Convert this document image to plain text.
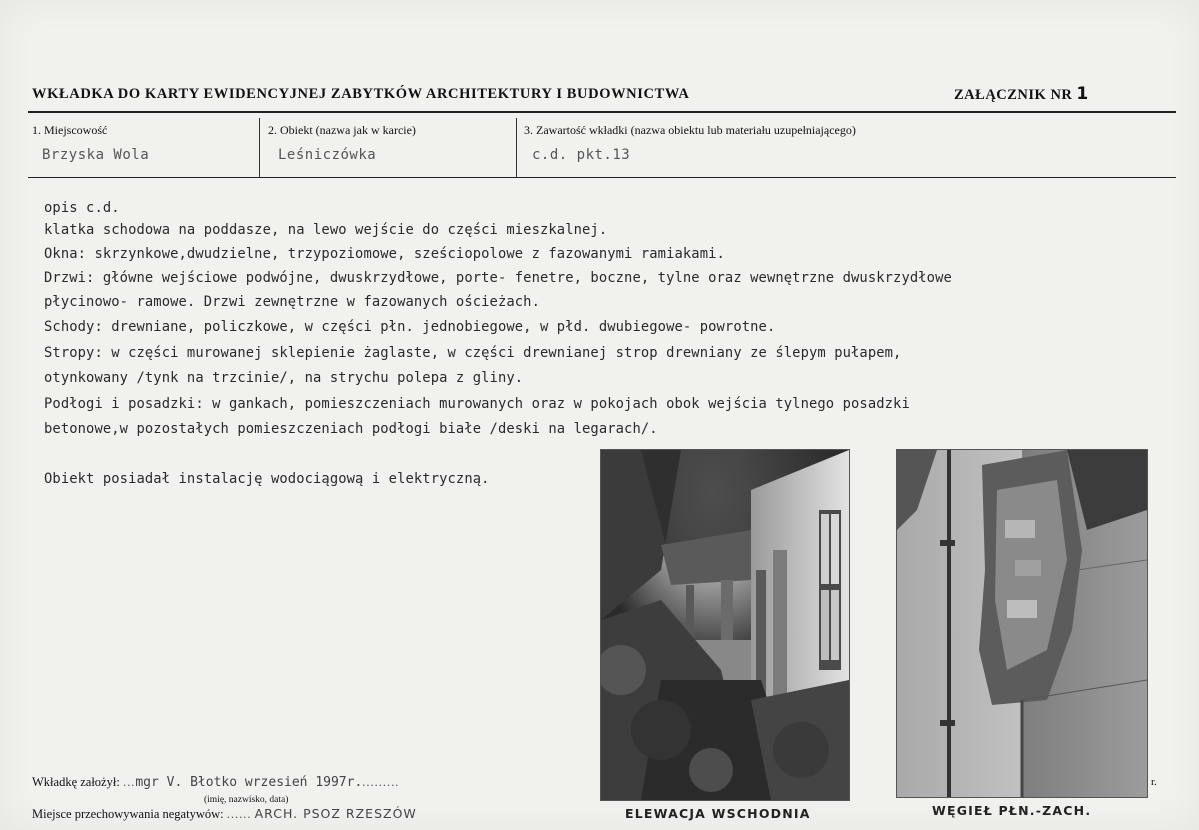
WKŁADKA DO KARTY EWIDENCYJNEJ ZABYTKÓW ARCHITEKTURY I BUDOWNICTWA	ZAŁĄCZNIK NR 1
1. Miejscowość
Brzyska Wola
2. Obiekt (nazwa jak w karcie)
Leśniczówka
3. Zawartość wkładki (nazwa obiektu lub materiału uzupełniającego)
c.d. pkt.13
opis c.d.
klatka schodowa na poddasze, na lewo wejście do części mieszkalnej.
Okna: skrzynkowe,dwudzielne, trzypoziomowe, sześciopolowe z fazowanymi ramiakami.
Drzwi: główne wejściowe podwójne, dwuskrzydłowe, porte- fenetre, boczne, tylne oraz wewnętrzne dwuskrzydłowe
płycinowo- ramowe. Drzwi zewnętrzne w fazowanych ościeżach.
Schody: drewniane, policzkowe, w części płn. jednobiegowe, w płd. dwubiegowe- powrotne.
Stropy: w części murowanej sklepienie żaglaste, w części drewnianej strop drewniany ze ślepym pułapem,
otynkowany /tynk na trzcinie/, na strychu polepa z gliny.
Podłogi i posadzki: w gankach, pomieszczeniach murowanych oraz w pokojach obok wejścia tylnego posadzki
betonowe,w pozostałych pomieszczeniach podłogi białe /deski na legarach/.
Obiekt posiadał instalację wodociągową i elektryczną.
ELEWACJA WSCHODNIA	WĘGIEŁ PŁN.-ZACH.
Wkładkę założył: ...mgr V. Błotko wrzesień 1997r..........
(imię, nazwisko, data)
Miejsce przechowywania negatywów: ...... ARCH. PSOZ RZESZÓW
r.
